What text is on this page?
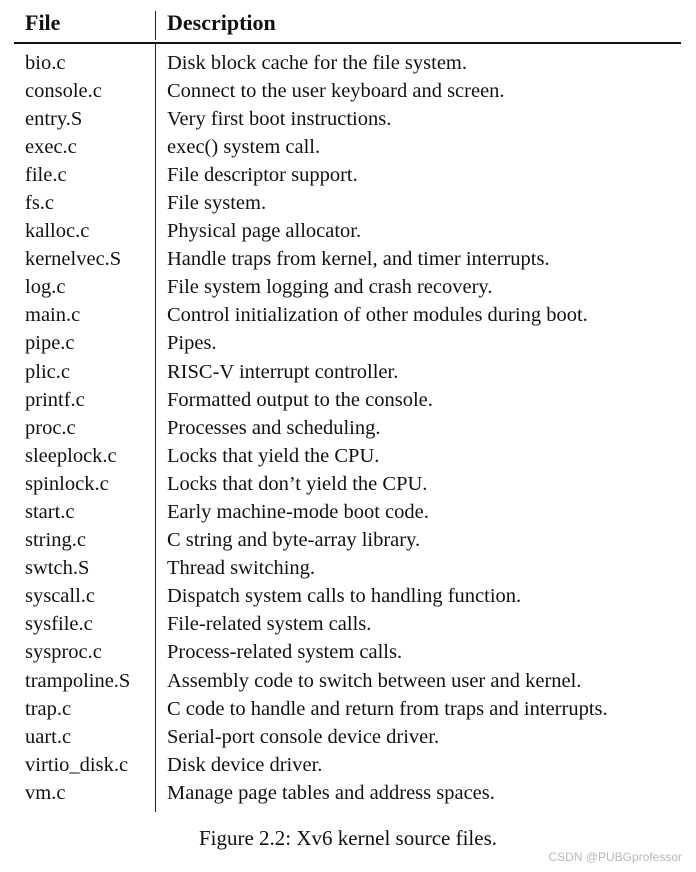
File	Description
bio.c	Disk block cache for the file system.
console.c	Connect to the user keyboard and screen.
entry.S	Very first boot instructions.
exec.c	exec() system call.
file.c	File descriptor support.
fs.c	File system.
kalloc.c	Physical page allocator.
kernelvec.S Handle traps from kernel, and timer interrupts.
log.c	File system logging and crash recovery.
main.c	Control initialization of other modules during boot.
pipe.c	Pipes.
plic.c	RISC-V interrupt controller.
printf.c	Formatted output to the console.
proc.c	Processes and scheduling.
sleeplock.c Locks that yield the CPU.
spinlock.c	Locks that don’t yield the CPU.
start.c	Early machine-mode boot code.
string.c	C string and byte-array library.
swtch.S	Thread switching.
syscall.c	Dispatch system calls to handling function.
sysfile.c	File-related system calls.
sysproc.c	Process-related system calls.
trampoline.S Assembly code to switch between user and kernel.
trap.c	C code to handle and return from traps and interrupts.
uart.c	Serial-port console device driver.
virtio_disk.c Disk device driver.
vm.c	Manage page tables and address spaces.
Figure 2.2: Xv6 kernel source files.
CSDN @PUBGprofessor
